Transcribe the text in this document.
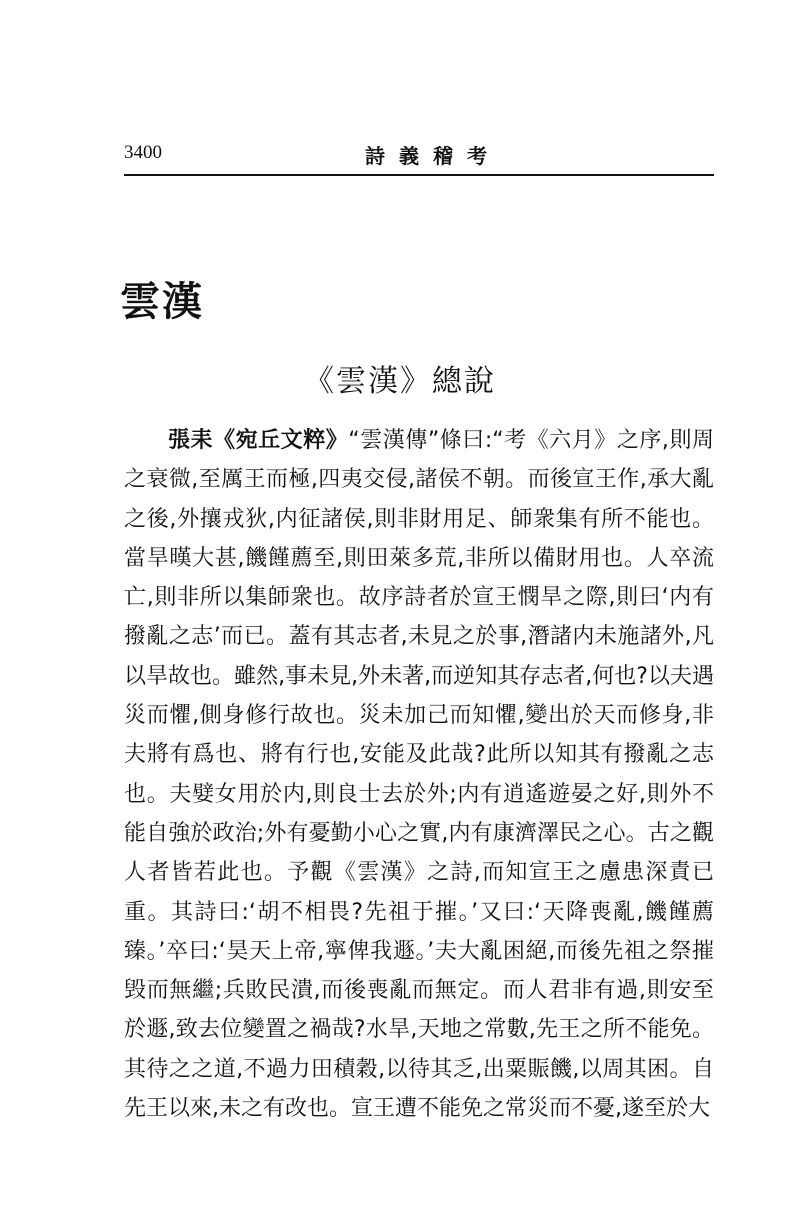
3400	詩義稽考
雲漢
《雲漢》總說
張耒《宛丘文粹》“雲漢傳”條曰:“考《六月》之序,則周之衰微,至厲王而極,四夷交侵,諸侯不朝。而後宣王作,承大亂之後,外攘戎狄,内征諸侯,則非財用足、師衆集有所不能也。當旱暵大甚,饑饉薦至,則田萊多荒,非所以備財用也。人卒流亡,則非所以集師衆也。故序詩者於宣王憫旱之際,則曰‘内有撥亂之志’而已。蓋有其志者,未見之於事,潛諸内未施諸外,凡以旱故也。雖然,事未見,外未著,而逆知其存志者,何也?以夫遇災而懼,側身修行故也。災未加己而知懼,變出於天而修身,非夫將有爲也、將有行也,安能及此哉?此所以知其有撥亂之志也。夫嬖女用於内,則良士去於外;内有逍遙遊晏之好,則外不能自強於政治;外有憂勤小心之實,内有康濟澤民之心。古之觀人者皆若此也。予觀《雲漢》之詩,而知宣王之慮患深責已重。其詩曰:‘胡不相畏?先祖于摧。’又曰:‘天降喪亂,饑饉薦臻。’卒曰:‘昊天上帝,寧俾我遯。’夫大亂困絕,而後先祖之祭摧毁而無繼;兵敗民潰,而後喪亂而無定。而人君非有過,則安至於遯,致去位變置之禍哉?水旱,天地之常數,先王之所不能免。其待之之道,不過力田積穀,以待其乏,出粟賑饑,以周其困。自先王以來,未之有改也。宣王遭不能免之常災而不憂,遂至於大
